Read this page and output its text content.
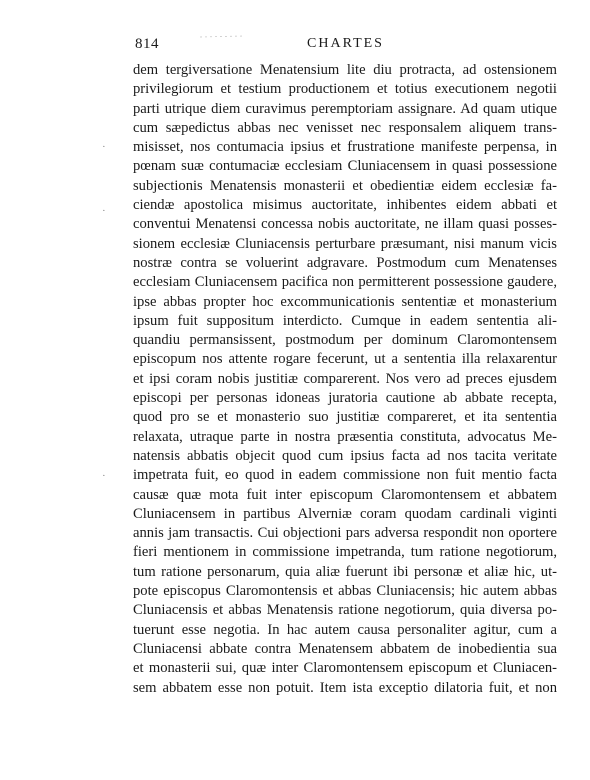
814	CHARTES
·
·
·
dem tergiversatione Menatensium lite diu protracta, ad ostensionem
privilegiorum et testium productionem et totius executionem negotii
parti utrique diem curavimus peremptoriam assignare. Ad quam utique
cum sæpedictus abbas nec venisset nec responsalem aliquem trans-
misisset, nos contumacia ipsius et frustratione manifeste perpensa, in
pœnam suæ contumaciæ ecclesiam Cluniacensem in quasi possessione
subjectionis Menatensis monasterii et obedientiæ eidem ecclesiæ fa-
ciendæ apostolica misimus auctoritate, inhibentes eidem abbati et
conventui Menatensi concessa nobis auctoritate, ne illam quasi posses-
sionem ecclesiæ Cluniacensis perturbare præsumant, nisi manum vicis
nostræ contra se voluerint adgravare. Postmodum cum Menatenses
ecclesiam Cluniacensem pacifica non permitterent possessione gaudere,
ipse abbas propter hoc excommunicationis sententiæ et monasterium
ipsum fuit suppositum interdicto. Cumque in eadem sententia ali-
quandiu permansissent, postmodum per dominum Claromontensem
episcopum nos attente rogare fecerunt, ut a sententia illa relaxarentur
et ipsi coram nobis justitiæ comparerent. Nos vero ad preces ejusdem
episcopi per personas idoneas juratoria cautione ab abbate recepta,
quod pro se et monasterio suo justitiæ compareret, et ita sententia
relaxata, utraque parte in nostra præsentia constituta, advocatus Me-
natensis abbatis objecit quod cum ipsius facta ad nos tacita veritate
impetrata fuit, eo quod in eadem commissione non fuit mentio facta
causæ quæ mota fuit inter episcopum Claromontensem et abbatem
Cluniacensem in partibus Alverniæ coram quodam cardinali viginti
annis jam transactis. Cui objectioni pars adversa respondit non oportere
fieri mentionem in commissione impetranda, tum ratione negotiorum,
tum ratione personarum, quia aliæ fuerunt ibi personæ et aliæ hic, ut-
pote episcopus Claromontensis et abbas Cluniacensis; hic autem abbas
Cluniacensis et abbas Menatensis ratione negotiorum, quia diversa po-
tuerunt esse negotia. In hac autem causa personaliter agitur, cum a
Cluniacensi abbate contra Menatensem abbatem de inobedientia sua
et monasterii sui, quæ inter Claromontensem episcopum et Cluniacen-
sem abbatem esse non potuit. Item ista exceptio dilatoria fuit, et non
